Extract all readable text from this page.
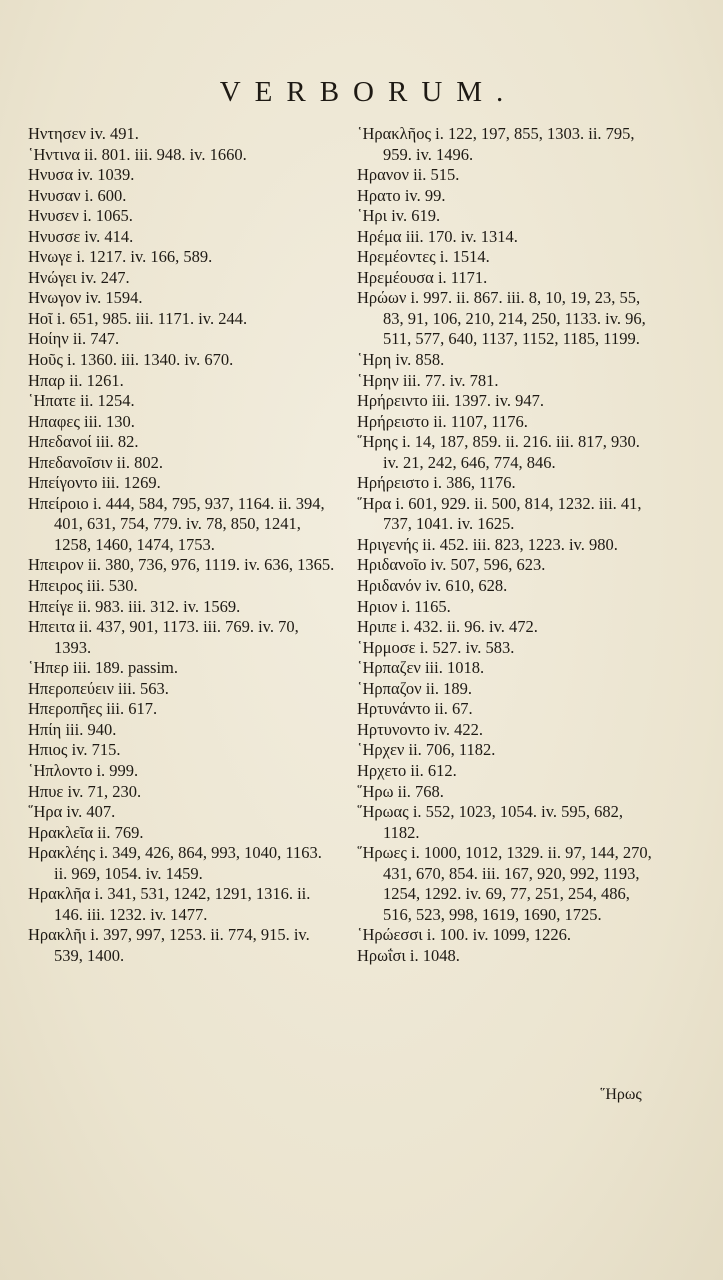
VERBORUM.

Ηντησεν iv. 491.

῾Ηντινα ii. 801. iii. 948. iv. 1660.

Ηνυσα iv. 1039.

Ηνυσαν i. 600.

Ηνυσεν i. 1065.

Ηνυσσε iv. 414.

Ηνωγε i. 1217. iv. 166, 589.

Ηνώγει iv. 247.

Ηνωγον iv. 1594.

Ηοῖ i. 651, 985. iii. 1171. iv. 244.

Ηοίην ii. 747.

Ηοῦς i. 1360. iii. 1340. iv. 670.

Ηπαρ ii. 1261.

῾Ηπατε ii. 1254.

Ηπαφες iii. 130.

Ηπεδανοί iii. 82.

Ηπεδανοῖσιν ii. 802.

Ηπείγοντο iii. 1269.

Ηπείροιο i. 444, 584, 795, 937, 1164. ii. 394, 401, 631, 754, 779. iv. 78, 850, 1241, 1258, 1460, 1474, 1753.

Ηπειρον ii. 380, 736, 976, 1119. iv. 636, 1365.

Ηπειρος iii. 530.

Ηπείγε ii. 983. iii. 312. iv. 1569.

Ηπειτα ii. 437, 901, 1173. iii. 769. iv. 70, 1393.

῾Ηπερ iii. 189. passim.

Ηπεροπεύειν iii. 563.

Ηπεροπῆες iii. 617.

Ηπίη iii. 940.

Ηπιος iv. 715.

῾Ηπλοντο i. 999.

Ηπυε iv. 71, 230.

῞Ηρα iv. 407.

Ηρακλεῖα ii. 769.

Ηρακλέης i. 349, 426, 864, 993, 1040, 1163. ii. 969, 1054. iv. 1459.

Ηρακλῆα i. 341, 531, 1242, 1291, 1316. ii. 146. iii. 1232. iv. 1477.

Ηρακλῆι i. 397, 997, 1253. ii. 774, 915. iv. 539, 1400.

῾Ηρακλῆος i. 122, 197, 855, 1303. ii. 795, 959. iv. 1496.

Ηρανον ii. 515.

Ηρατο iv. 99.

῾Ηρι iv. 619.

Ηρέμα iii. 170. iv. 1314.

Ηρεμέοντες i. 1514.

Ηρεμέουσα i. 1171.

Ηρώων i. 997. ii. 867. iii. 8, 10, 19, 23, 55, 83, 91, 106, 210, 214, 250, 1133. iv. 96, 511, 577, 640, 1137, 1152, 1185, 1199.

῾Ηρη iv. 858.

῾Ηρην iii. 77. iv. 781.

Ηρήρειντο iii. 1397. iv. 947.

Ηρήρειστο ii. 1107, 1176.

῞Ηρης i. 14, 187, 859. ii. 216. iii. 817, 930. iv. 21, 242, 646, 774, 846.

Ηρήρειστο i. 386, 1176.

῞Ηρα i. 601, 929. ii. 500, 814, 1232. iii. 41, 737, 1041. iv. 1625.

Ηριγενής ii. 452. iii. 823, 1223. iv. 980.

Ηριδανοῖο iv. 507, 596, 623.

Ηριδανόν iv. 610, 628.

Ηριον i. 1165.

Ηριπε i. 432. ii. 96. iv. 472.

῾Ηρμοσε i. 527. iv. 583.

῾Ηρπαζεν iii. 1018.

῾Ηρπαζον ii. 189.

Ηρτυνάντο ii. 67.

Ηρτυνοντο iv. 422.

῾Ηρχεν ii. 706, 1182.

Ηρχετο ii. 612.

῞Ηρω ii. 768.

῞Ηρωας i. 552, 1023, 1054. iv. 595, 682, 1182.

῞Ηρωες i. 1000, 1012, 1329. ii. 97, 144, 270, 431, 670, 854. iii. 167, 920, 992, 1193, 1254, 1292. iv. 69, 77, 251, 254, 486, 516, 523, 998, 1619, 1690, 1725.

῾Ηρώεσσι i. 100. iv. 1099, 1226.

Ηρωΐσι i. 1048.

῞Ηρως
